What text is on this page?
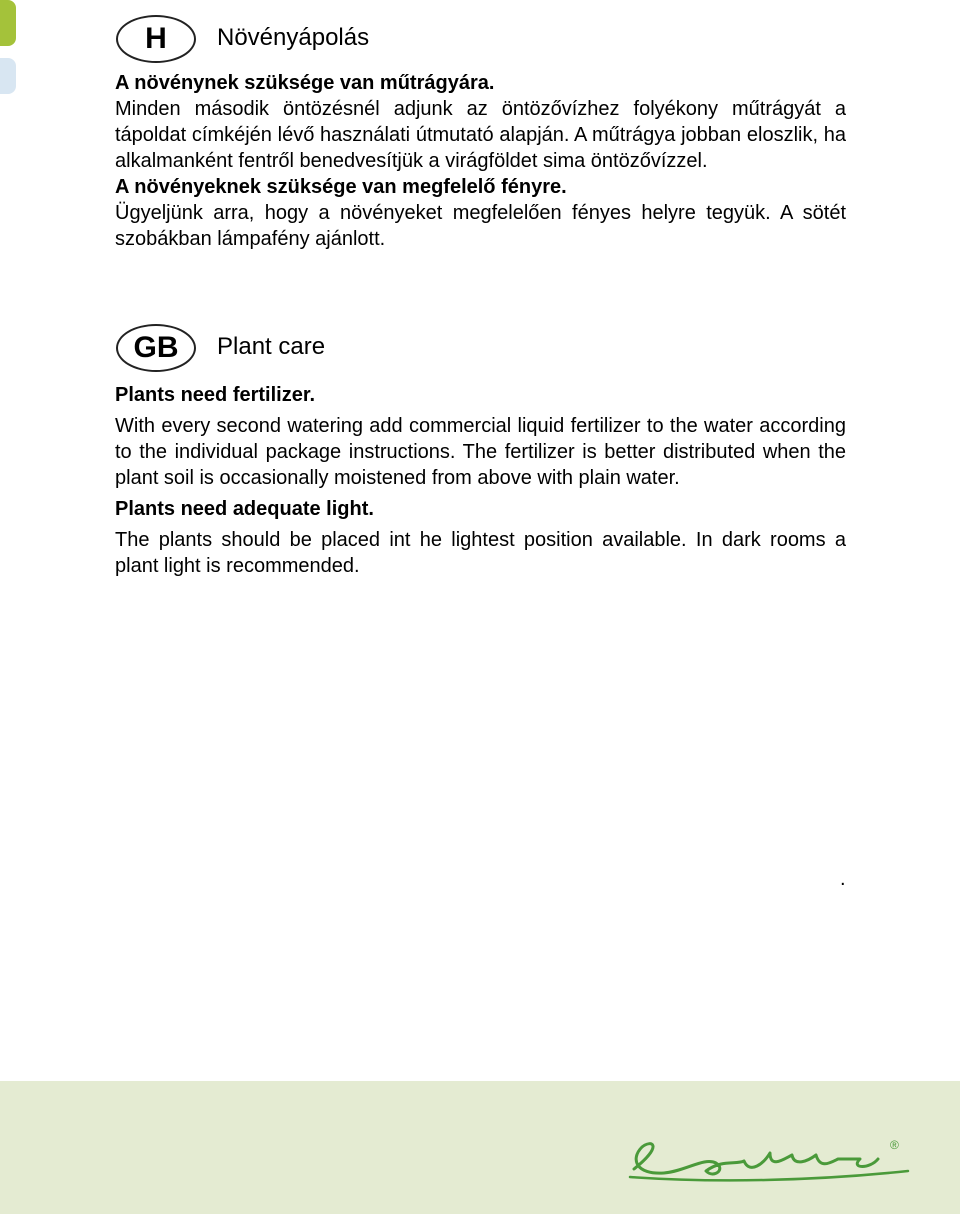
H	Növényápolás

A növénynek szüksége van műtrágyára.

Minden második öntözésnél adjunk az öntözővízhez folyékony műtrágyát a tápoldat címkéjén lévő használati útmutató alapján. A műtrágya jobban eloszlik, ha alkalmanként fentről benedvesítjük a virágföldet sima öntözővízzel.

A növényeknek szüksége van megfelelő fényre.

Ügyeljünk arra, hogy a növényeket megfelelően fényes helyre tegyük. A sötét szobákban lámpafény ajánlott.

GB	Plant care

Plants need fertilizer.

With every second watering add commercial liquid fertilizer to the water according to the individual package instructions. The fertilizer is better distributed when the plant soil is occasionally moistened from above with plain water.

Plants need adequate light.

The plants should be placed int he lightest position available. In dark rooms a plant light is recommended.

.
®
